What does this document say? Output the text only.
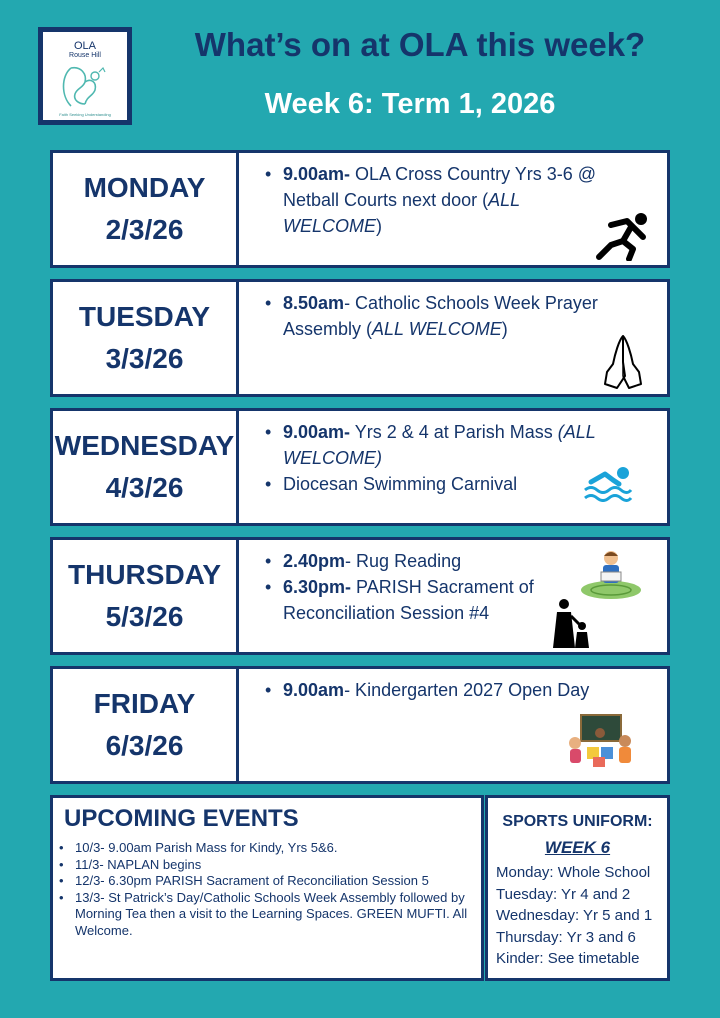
OLA
Rouse Hill
Faith Seeking Understanding
What’s on at OLA this week?
Week 6: Term 1, 2026
MONDAY
2/3/26
• 9.00am- OLA Cross Country Yrs 3-6 @ Netball Courts next door (ALL WELCOME)
TUESDAY
3/3/26
• 8.50am- Catholic Schools Week Prayer Assembly (ALL WELCOME)
WEDNESDAY
4/3/26
• 9.00am- Yrs 2 & 4 at Parish Mass (ALL WELCOME)
• Diocesan Swimming Carnival
THURSDAY
5/3/26
• 2.40pm- Rug Reading
• 6.30pm- PARISH Sacrament of Reconciliation Session #4
FRIDAY
6/3/26
• 9.00am- Kindergarten 2027 Open Day
UPCOMING EVENTS
• 10/3- 9.00am Parish Mass for Kindy, Yrs 5&6.
• 11/3- NAPLAN begins
• 12/3- 6.30pm PARISH Sacrament of Reconciliation Session 5
• 13/3- St Patrick’s Day/Catholic Schools Week Assembly followed by Morning Tea then a visit to the Learning Spaces. GREEN MUFTI. All Welcome.
SPORTS UNIFORM:
WEEK 6
Monday: Whole School
Tuesday: Yr 4 and 2
Wednesday: Yr 5 and 1
Thursday: Yr 3 and 6
Kinder: See timetable
